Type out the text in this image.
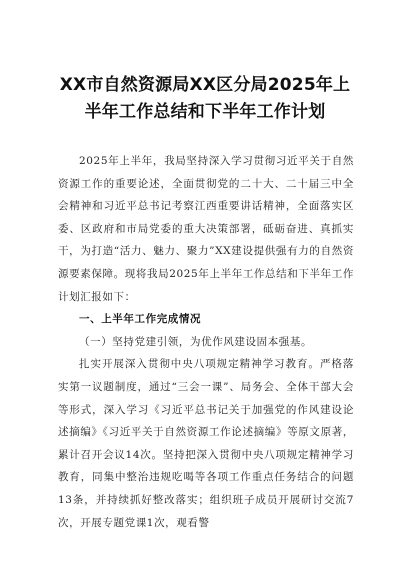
XX市自然资源局XX区分局2025年上
半年工作总结和下半年工作计划

2025年上半年，我局坚持深入学习贯彻习近平关于自然资源工作的重要论述，全面贯彻党的二十大、二十届三中全会精神和习近平总书记考察江西重要讲话精神，全面落实区委、区政府和市局党委的重大决策部署，砥砺奋进、真抓实干，为打造“活力、魅力、聚力”XX建设提供强有力的自然资源要素保障。现将我局2025年上半年工作总结和下半年工作计划汇报如下：

一、上半年工作完成情况

（一）坚持党建引领，为优作风建设固本强基。

扎实开展深入贯彻中央八项规定精神学习教育。严格落实第一议题制度，通过“三会一课”、局务会、全体干部大会等形式，深入学习《习近平总书记关于加强党的作风建设论述摘编》《习近平关于自然资源工作论述摘编》等原文原著，累计召开会议14次。坚持把深入贯彻中央八项规定精神学习教育，同集中整治违规吃喝等各项工作重点任务结合的问题13条，并持续抓好整改落实；组织班子成员开展研讨交流7次，开展专题党课1次，观看警
